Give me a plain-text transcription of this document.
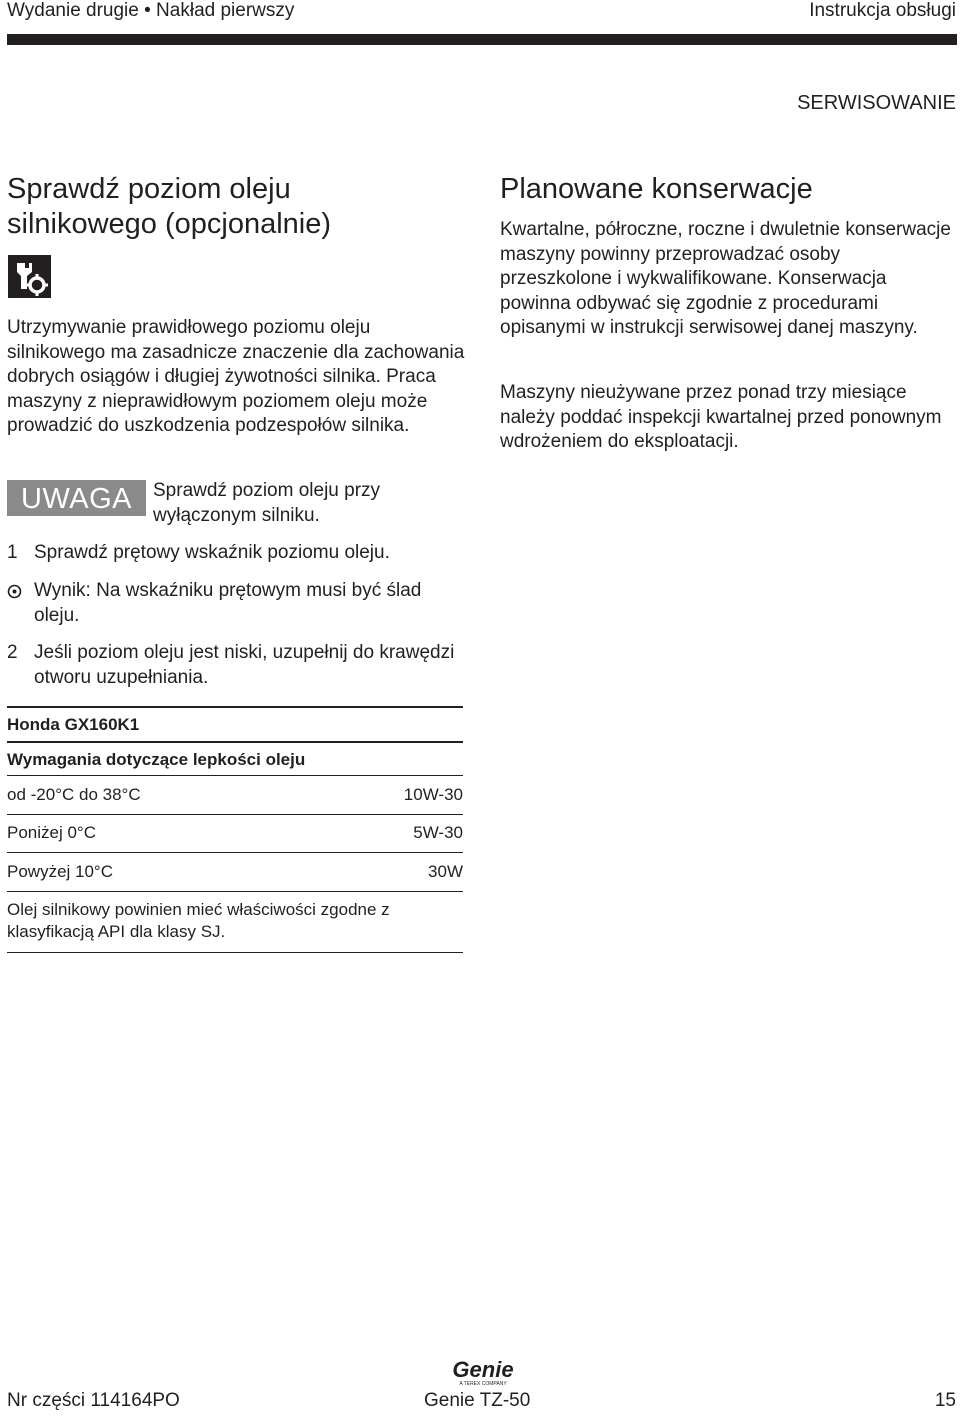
Wydanie drugie • Nakład pierwszy	Instrukcja obsługi
SERWISOWANIE
Sprawdź poziom oleju
silnikowego (opcjonalnie)
Utrzymywanie prawidłowego poziomu oleju silnikowego ma zasadnicze znaczenie dla zachowania dobrych osiągów i długiej żywotności silnika. Praca maszyny z nieprawidłowym poziomem oleju może prowadzić do uszkodzenia podzespołów silnika.
UWAGA	Sprawdź poziom oleju przy wyłączonym silniku.
1 Sprawdź prętowy wskaźnik poziomu oleju.
Wynik: Na wskaźniku prętowym musi być ślad oleju.
2 Jeśli poziom oleju jest niski, uzupełnij do krawędzi otworu uzupełniania.
Honda GX160K1
Wymagania dotyczące lepkości oleju
od -20°C do 38°C	10W-30
Poniżej 0°C	5W-30
Powyżej 10°C	30W
Olej silnikowy powinien mieć właściwości zgodne z klasyfikacją API dla klasy SJ.
Planowane konserwacje
Kwartalne, półroczne, roczne i dwuletnie konserwacje maszyny powinny przeprowadzać osoby przeszkolone i wykwalifikowane. Konserwacja powinna odbywać się zgodnie z procedurami opisanymi w instrukcji serwisowej danej maszyny.
Maszyny nieużywane przez ponad trzy miesiące należy poddać inspekcji kwartalnej przed ponownym wdrożeniem do eksploatacji.
Genie
A TEREX COMPANY
Nr części 114164PO	Genie TZ-50	15
